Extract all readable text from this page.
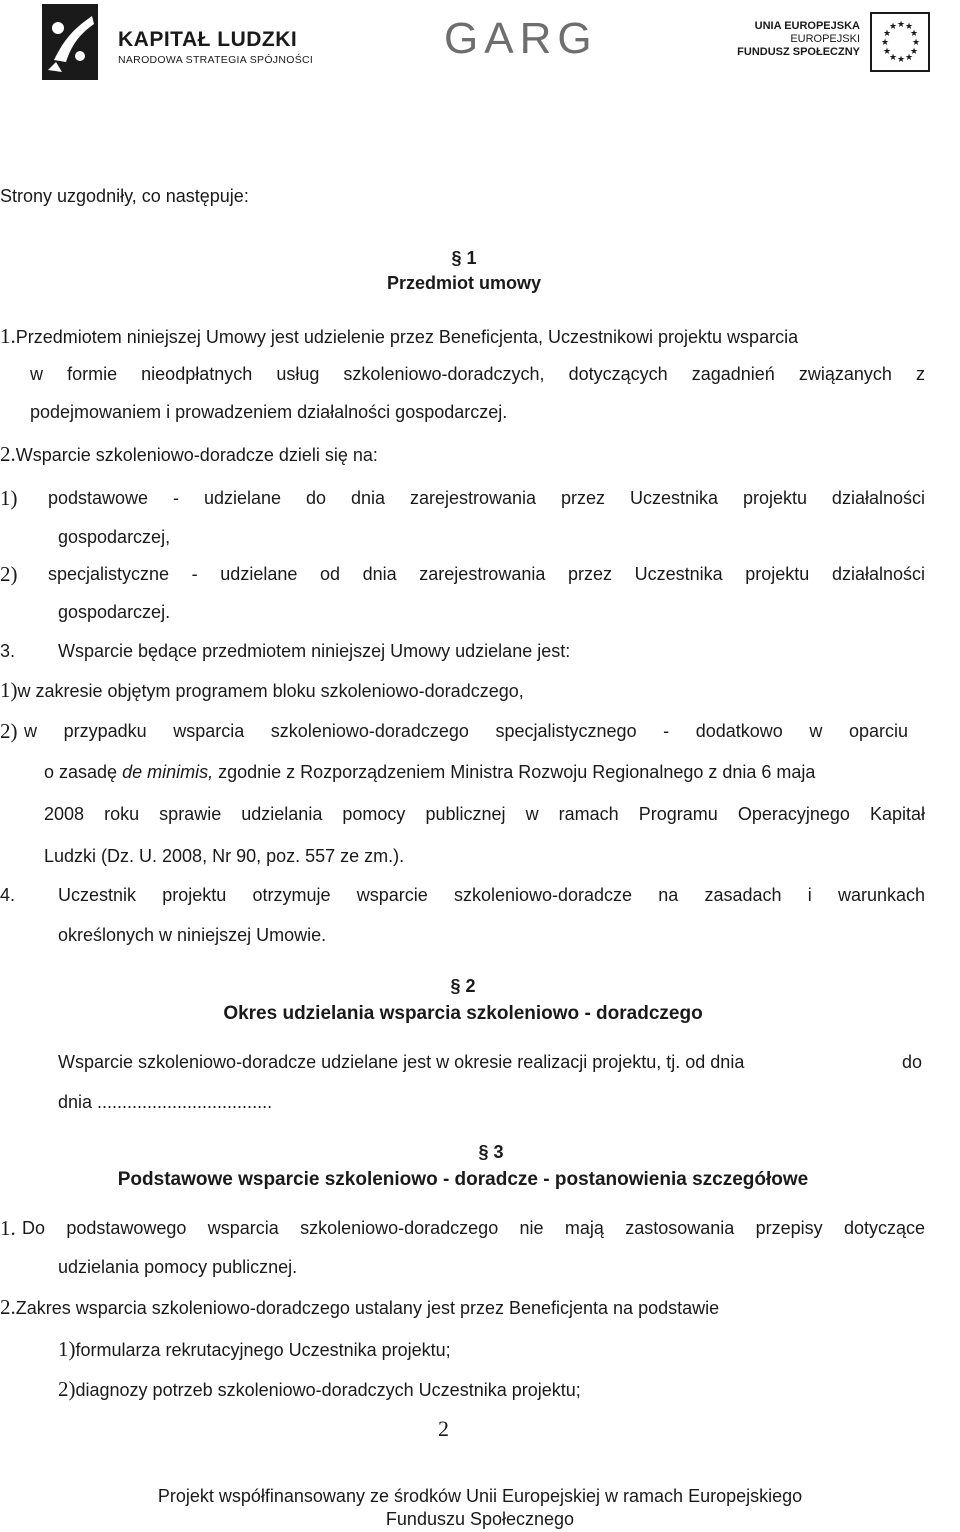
KAPITAŁ LUDZKI
NARODOWA STRATEGIA SPÓJNOŚCI	GARG	UNIA EUROPEJSKA
EUROPEJSKI
FUNDUSZ SPOŁECZNY
★ ★
★
★
★
★
★
★
★
★
★
★
Strony uzgodniły, co następuje:
§ 1
Przedmiot umowy
1.Przedmiotem niniejszej Umowy jest udzielenie przez Beneficjenta, Uczestnikowi projektu wsparcia
w formie nieodpłatnych usług szkoleniowo-doradczych, dotyczących zagadnień związanych z
podejmowaniem i prowadzeniem działalności gospodarczej.
2.Wsparcie szkoleniowo-doradcze dzieli się na:
1) podstawowe - udzielane do dnia zarejestrowania przez Uczestnika projektu działalności
gospodarczej,
2) specjalistyczne - udzielane od dnia zarejestrowania przez Uczestnika projektu działalności
gospodarczej.
3. Wsparcie będące przedmiotem niniejszej Umowy udzielane jest:
1)w zakresie objętym programem bloku szkoleniowo-doradczego,
2) w przypadku wsparcia szkoleniowo-doradczego specjalistycznego - dodatkowo w oparciu
o zasadę de minimis, zgodnie z Rozporządzeniem Ministra Rozwoju Regionalnego z dnia 6 maja
2008 roku sprawie udzielania pomocy publicznej w ramach Programu Operacyjnego Kapitał
Ludzki (Dz. U. 2008, Nr 90, poz. 557 ze zm.).
4. Uczestnik projektu otrzymuje wsparcie szkoleniowo-doradcze na zasadach i warunkach
określonych w niniejszej Umowie.
§ 2
Okres udzielania wsparcia szkoleniowo - doradczego
Wsparcie szkoleniowo-doradcze udzielane jest w okresie realizacji projektu, tj. od dnia	do
dnia ...................................
§ 3
Podstawowe wsparcie szkoleniowo - doradcze - postanowienia szczegółowe
1. Do podstawowego wsparcia szkoleniowo-doradczego nie mają zastosowania przepisy dotyczące
udzielania pomocy publicznej.
2.Zakres wsparcia szkoleniowo-doradczego ustalany jest przez Beneficjenta na podstawie
1)formularza rekrutacyjnego Uczestnika projektu;
2)diagnozy potrzeb szkoleniowo-doradczych Uczestnika projektu;
2
Projekt współfinansowany ze środków Unii Europejskiej w ramach Europejskiego
Funduszu Społecznego
